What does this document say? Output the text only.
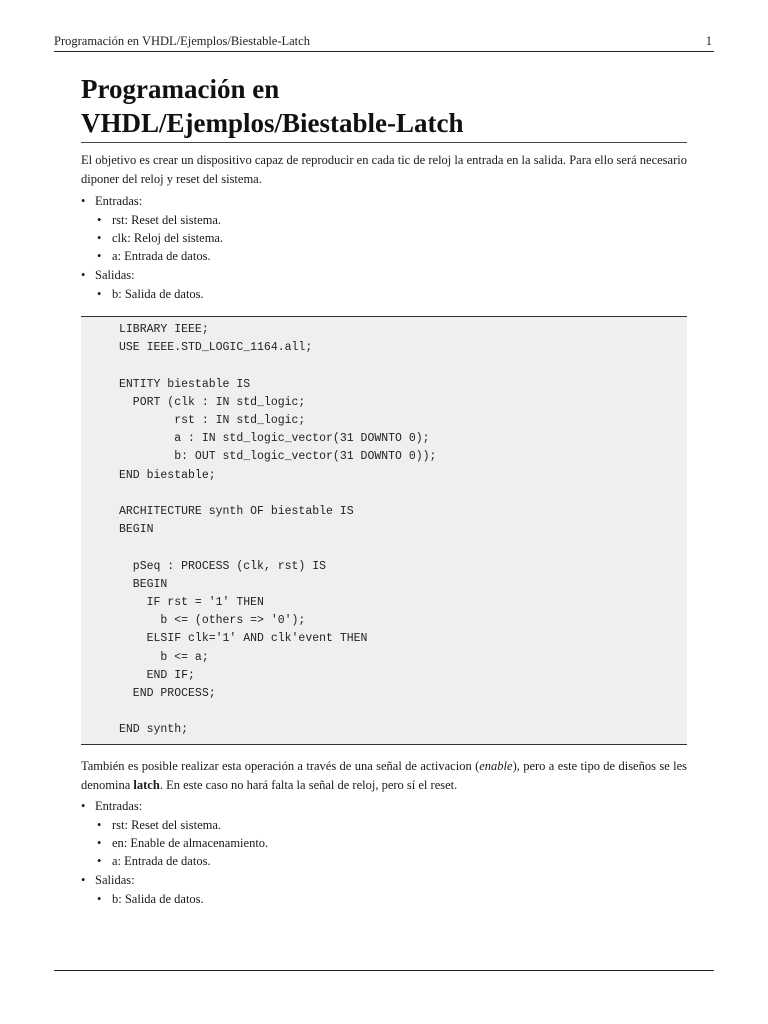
Programación en VHDL/Ejemplos/Biestable-Latch	1
Programación en
VHDL/Ejemplos/Biestable-Latch

El objetivo es crear un dispositivo capaz de reproducir en cada tic de reloj la entrada en la salida. Para ello será necesario diponer del reloj y reset del sistema.

• Entradas:
• rst: Reset del sistema.
• clk: Reloj del sistema.
• a: Entrada de datos.
• Salidas:
• b: Salida de datos.
LIBRARY IEEE;
USE IEEE.STD_LOGIC_1164.all;

ENTITY biestable IS
PORT (clk : IN std_logic;
rst : IN std_logic;
a : IN std_logic_vector(31 DOWNTO 0);
b: OUT std_logic_vector(31 DOWNTO 0));
END biestable;

ARCHITECTURE synth OF biestable IS
BEGIN

pSeq : PROCESS (clk, rst) IS
BEGIN
IF rst = '1' THEN
b <= (others => '0');
ELSIF clk='1' AND clk'event THEN
b <= a;
END IF;
END PROCESS;

END synth;

También es posible realizar esta operación a través de una señal de activacion (enable), pero a este tipo de diseños se les denomina latch. En este caso no hará falta la señal de reloj, pero sí el reset.

• Entradas:
• rst: Reset del sistema.
• en: Enable de almacenamiento.
• a: Entrada de datos.
• Salidas:
• b: Salida de datos.
